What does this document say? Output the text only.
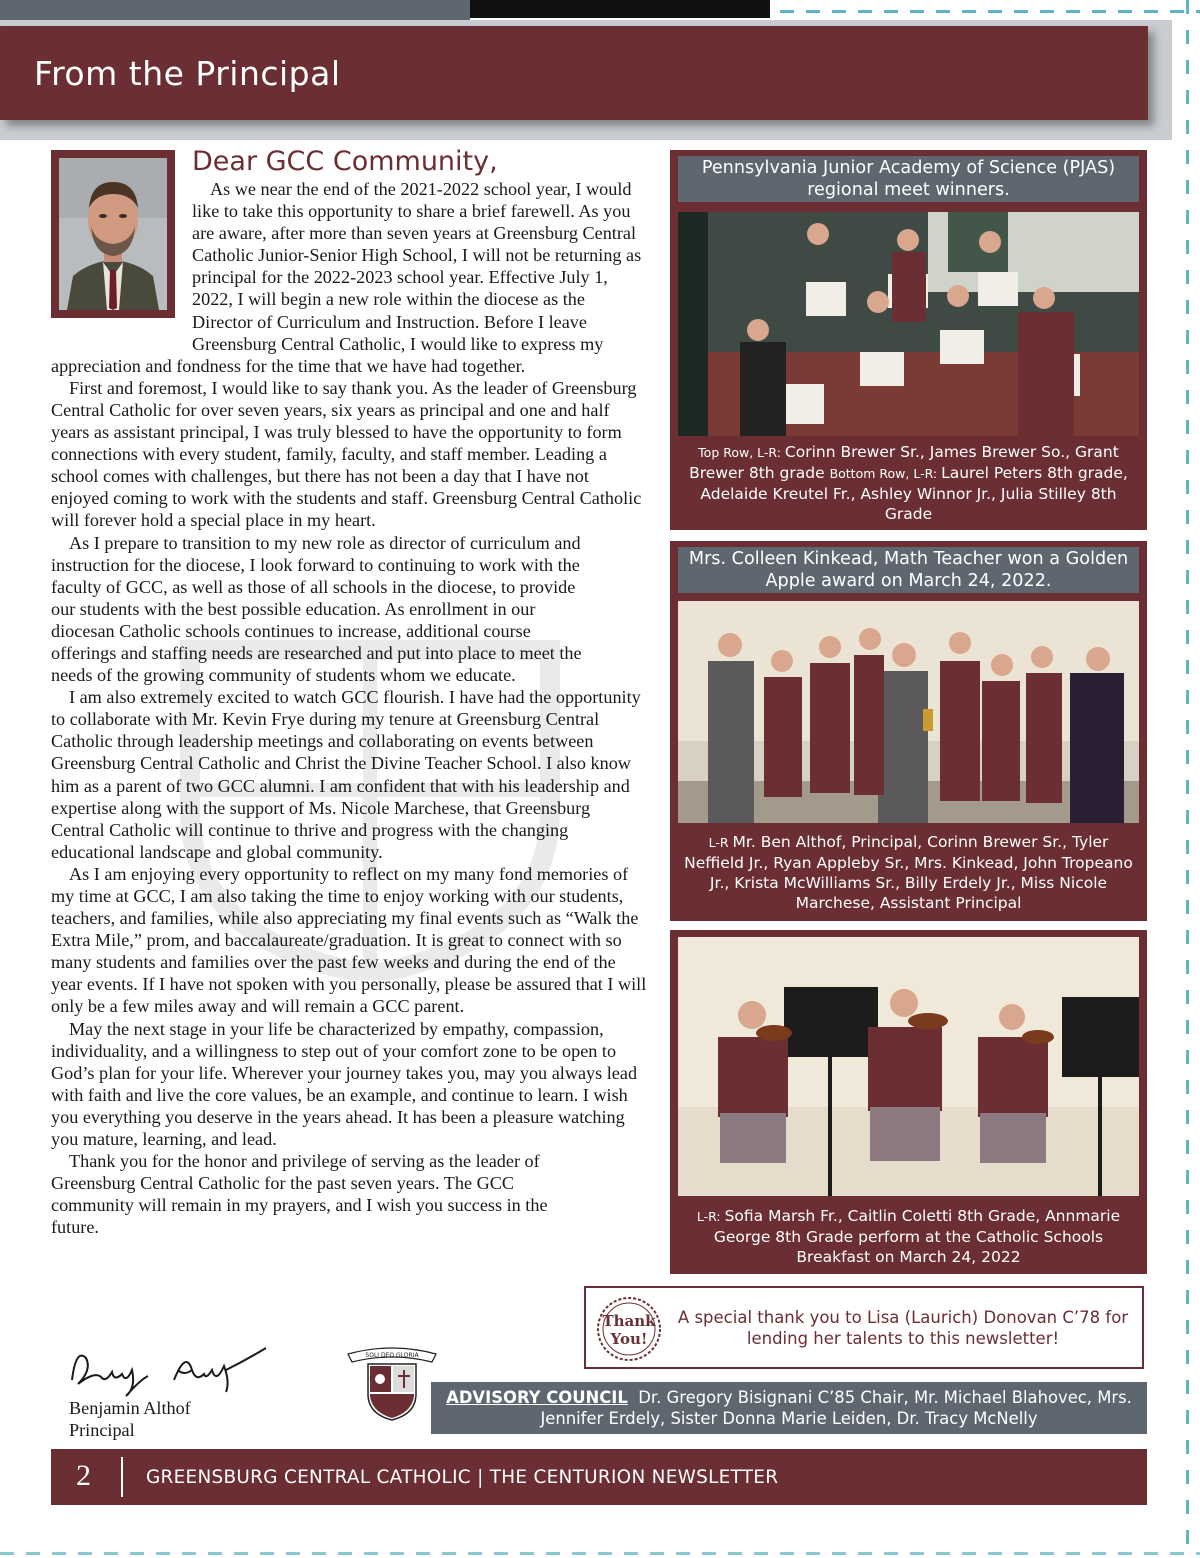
From the Principal
Dear GCC Community,

As we near the end of the 2021-2022 school year, I would like to take this opportunity to share a brief farewell. As you are aware, after more than seven years at Greensburg Central Catholic Junior-Senior High School, I will not be returning as principal for the 2022-2023 school year. Effective July 1, 2022, I will begin a new role within the diocese as the Director of Curriculum and Instruction. Before I leave Greensburg Central Catholic, I would like to express my appreciation and fondness for the time that we have had together.

First and foremost, I would like to say thank you. As the leader of Greensburg Central Catholic for over seven years, six years as principal and one and half years as assistant principal, I was truly blessed to have the opportunity to form connections with every student, family, faculty, and staff member. Leading a school comes with challenges, but there has not been a day that I have not enjoyed coming to work with the students and staff. Greensburg Central Catholic will forever hold a special place in my heart.

As I prepare to transition to my new role as director of curriculum and instruction for the diocese, I look forward to continuing to work with the faculty of GCC, as well as those of all schools in the diocese, to provide our students with the best possible education. As enrollment in our diocesan Catholic schools continues to increase, additional course offerings and staffing needs are researched and put into place to meet the needs of the growing community of students whom we educate.

I am also extremely excited to watch GCC flourish. I have had the opportunity to collaborate with Mr. Kevin Frye during my tenure at Greensburg Central Catholic through leadership meetings and collaborating on events between Greensburg Central Catholic and Christ the Divine Teacher School. I also know him as a parent of two GCC alumni. I am confident that with his leadership and expertise along with the support of Ms. Nicole Marchese, that Greensburg Central Catholic will continue to thrive and progress with the changing educational landscape and global community.

As I am enjoying every opportunity to reflect on my many fond memories of my time at GCC, I am also taking the time to enjoy working with our students, teachers, and families, while also appreciating my final events such as “Walk the Extra Mile,” prom, and baccalaureate/graduation. It is great to connect with so many students and families over the past few weeks and during the end of the year events. If I have not spoken with you personally, please be assured that I will only be a few miles away and will remain a GCC parent.

May the next stage in your life be characterized by empathy, compassion, individuality, and a willingness to step out of your comfort zone to be open to God’s plan for your life. Wherever your journey takes you, may you always lead with faith and live the core values, be an example, and continue to learn. I wish you everything you deserve in the years ahead. It has been a pleasure watching you mature, learning, and lead.

Thank you for the honor and privilege of serving as the leader of Greensburg Central Catholic for the past seven years. The GCC community will remain in my prayers, and I wish you success in the future.

Benjamin Althof
Principal
SOLI DEO GLORIA
Pennsylvania Junior Academy of Science (PJAS) regional meet winners.
Top Row, L-R: Corinn Brewer Sr., James Brewer So., Grant Brewer 8th grade Bottom Row, L-R: Laurel Peters 8th grade, Adelaide Kreutel Fr., Ashley Winnor Jr., Julia Stilley 8th Grade
Mrs. Colleen Kinkead, Math Teacher won a Golden Apple award on March 24, 2022.
L-R Mr. Ben Althof, Principal, Corinn Brewer Sr., Tyler Neffield Jr., Ryan Appleby Sr., Mrs. Kinkead, John Tropeano Jr., Krista McWilliams Sr., Billy Erdely Jr., Miss Nicole Marchese, Assistant Principal
L-R: Sofia Marsh Fr., Caitlin Coletti 8th Grade, Annmarie George 8th Grade perform at the Catholic Schools Breakfast on March 24, 2022
Thank
You!
A special thank you to Lisa (Laurich) Donovan C’78 for lending her talents to this newsletter!
ADVISORY COUNCIL Dr. Gregory Bisignani C’85 Chair, Mr. Michael Blahovec, Mrs. Jennifer Erdely, Sister Donna Marie Leiden, Dr. Tracy McNelly
2	GREENSBURG CENTRAL CATHOLIC | THE CENTURION NEWSLETTER
